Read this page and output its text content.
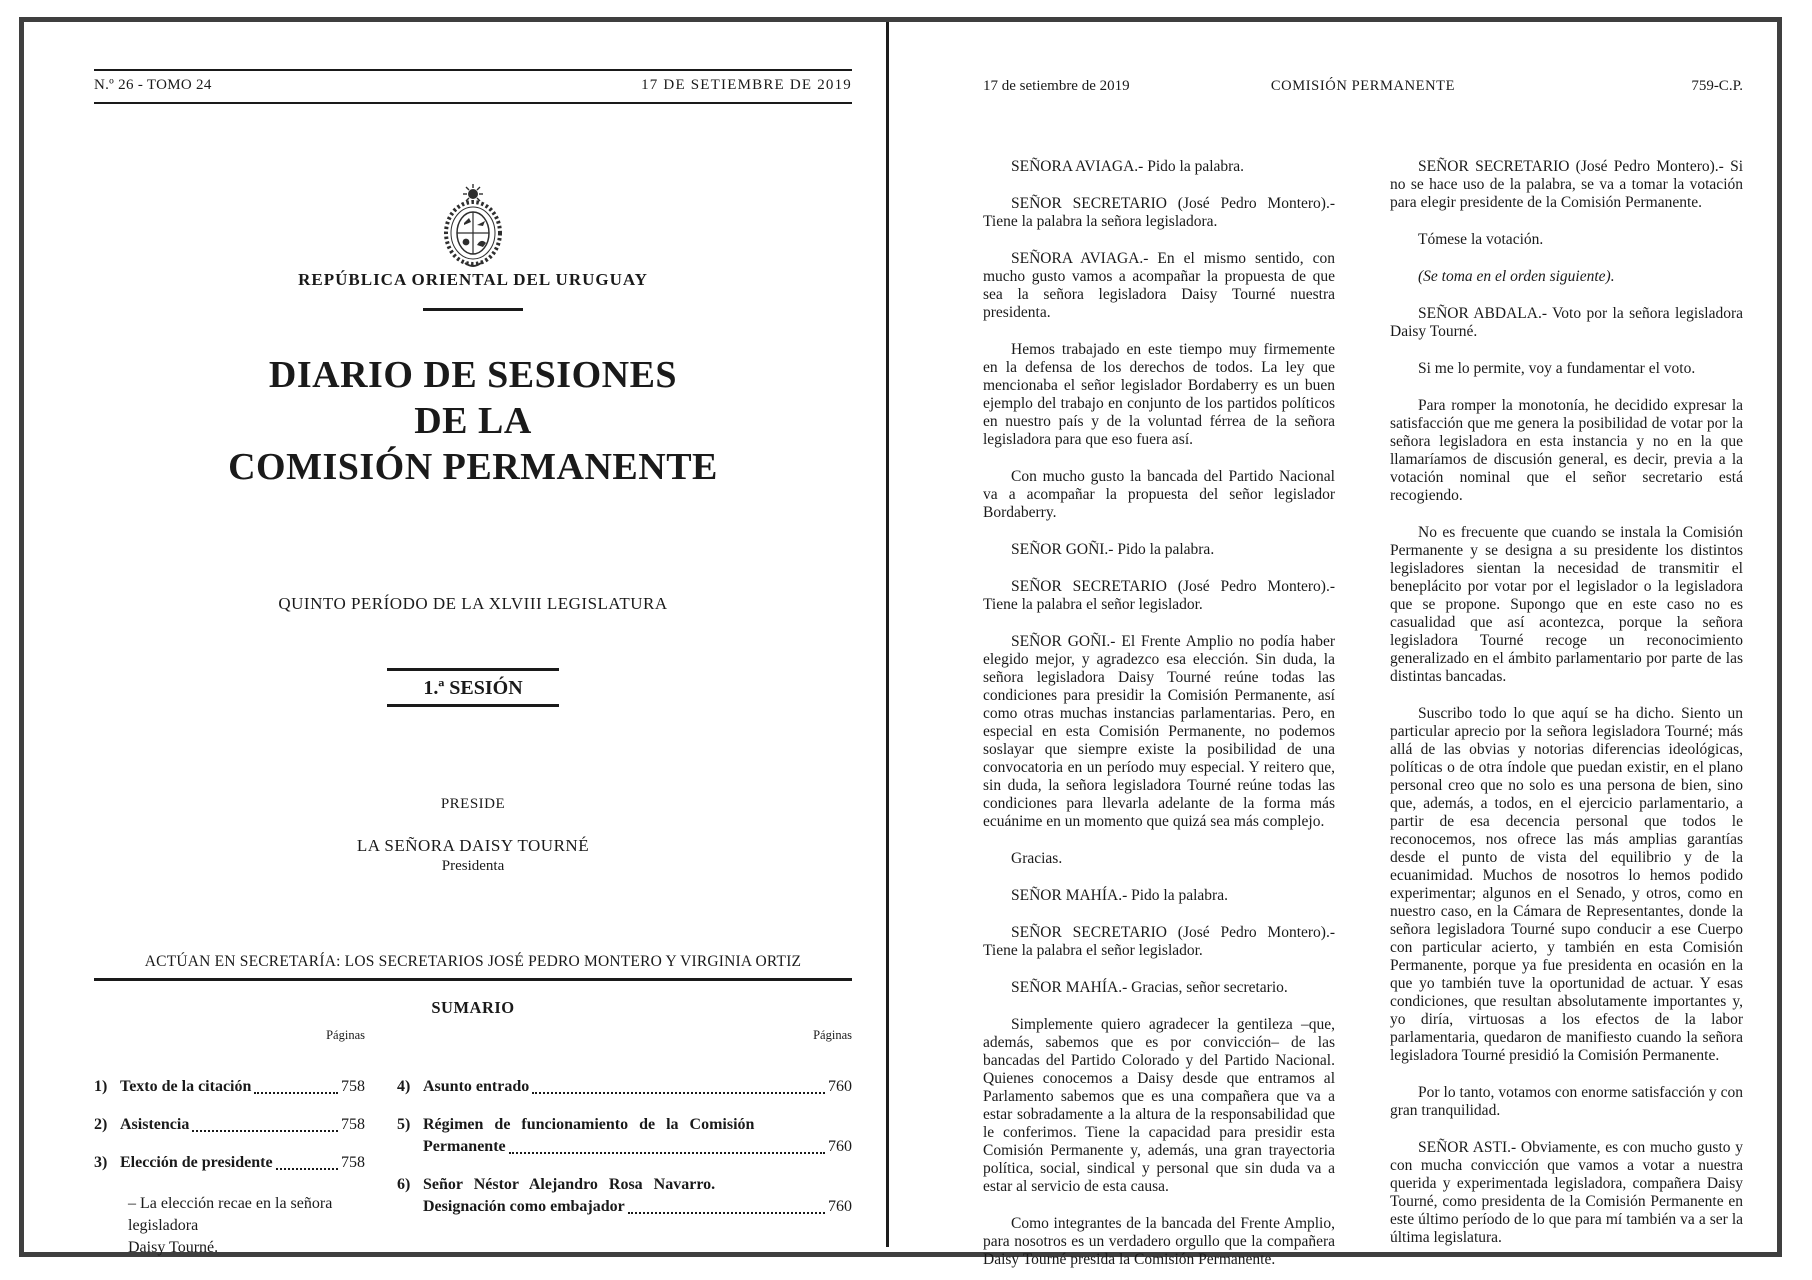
N.º 26 - TOMO 24	17 DE SETIEMBRE DE 2019
REPÚBLICA ORIENTAL DEL URUGUAY
DIARIO DE SESIONES
DE LA
COMISIÓN PERMANENTE
QUINTO PERÍODO DE LA XLVIII LEGISLATURA
1.ª SESIÓN
PRESIDE
LA SEÑORA DAISY TOURNÉ
Presidenta
ACTÚAN EN SECRETARÍA: LOS SECRETARIOS JOSÉ PEDRO MONTERO Y VIRGINIA ORTIZ
SUMARIO
Páginas	Páginas
1) Texto de la citación	758
2) Asistencia	758
3) Elección de presidente	758
– La elección recae en la señora legisladora
Daisy Tourné.
4) Asunto entrado	760
5) Régimen de funcionamiento de la Comisión
Permanente	760
6) Señor Néstor Alejandro Rosa Navarro.
Designación como embajador	760
17 de setiembre de 2019	COMISIÓN PERMANENTE	759-C.P.

SEÑORA AVIAGA.- Pido la palabra.

SEÑOR SECRETARIO (José Pedro Montero).- Tiene la palabra la señora legisladora.

SEÑORA AVIAGA.- En el mismo sentido, con mucho gusto vamos a acompañar la propuesta de que sea la señora legisladora Daisy Tourné nuestra presidenta.

Hemos trabajado en este tiempo muy firmemente en la defensa de los derechos de todos. La ley que mencionaba el señor legislador Bordaberry es un buen ejemplo del trabajo en conjunto de los partidos políticos en nuestro país y de la voluntad férrea de la señora legisladora para que eso fuera así.

Con mucho gusto la bancada del Partido Nacional va a acompañar la propuesta del señor legislador Bordaberry.

SEÑOR GOÑI.- Pido la palabra.

SEÑOR SECRETARIO (José Pedro Montero).- Tiene la palabra el señor legislador.

SEÑOR GOÑI.- El Frente Amplio no podía haber elegido mejor, y agradezco esa elección. Sin duda, la señora legisladora Daisy Tourné reúne todas las condiciones para presidir la Comisión Permanente, así como otras muchas instancias parlamentarias. Pero, en especial en esta Comisión Permanente, no podemos soslayar que siempre existe la posibilidad de una convocatoria en un período muy especial. Y reitero que, sin duda, la señora legisladora Tourné reúne todas las condiciones para llevarla adelante de la forma más ecuánime en un momento que quizá sea más complejo.

Gracias.

SEÑOR MAHÍA.- Pido la palabra.

SEÑOR SECRETARIO (José Pedro Montero).- Tiene la palabra el señor legislador.

SEÑOR MAHÍA.- Gracias, señor secretario.

Simplemente quiero agradecer la gentileza –que, además, sabemos que es por convicción– de las bancadas del Partido Colorado y del Partido Nacional. Quienes conocemos a Daisy desde que entramos al Parlamento sabemos que es una compañera que va a estar sobradamente a la altura de la responsabilidad que le conferimos. Tiene la capacidad para presidir esta Comisión Permanente y, además, una gran trayectoria política, social, sindical y personal que sin duda va a estar al servicio de esta causa.

Como integrantes de la bancada del Frente Amplio, para nosotros es un verdadero orgullo que la compañera Daisy Tourné presida la Comisión Permanente.

SEÑOR SECRETARIO (José Pedro Montero).- Si no se hace uso de la palabra, se va a tomar la votación para elegir presidente de la Comisión Permanente.

Tómese la votación.

(Se toma en el orden siguiente).

SEÑOR ABDALA.- Voto por la señora legisladora Daisy Tourné.

Si me lo permite, voy a fundamentar el voto.

Para romper la monotonía, he decidido expresar la satisfacción que me genera la posibilidad de votar por la señora legisladora en esta instancia y no en la que llamaríamos de discusión general, es decir, previa a la votación nominal que el señor secretario está recogiendo.

No es frecuente que cuando se instala la Comisión Permanente y se designa a su presidente los distintos legisladores sientan la necesidad de transmitir el beneplácito por votar por el legislador o la legisladora que se propone. Supongo que en este caso no es casualidad que así acontezca, porque la señora legisladora Tourné recoge un reconocimiento generalizado en el ámbito parlamentario por parte de las distintas bancadas.

Suscribo todo lo que aquí se ha dicho. Siento un particular aprecio por la señora legisladora Tourné; más allá de las obvias y notorias diferencias ideológicas, políticas o de otra índole que puedan existir, en el plano personal creo que no solo es una persona de bien, sino que, además, a todos, en el ejercicio parlamentario, a partir de esa decencia personal que todos le reconocemos, nos ofrece las más amplias garantías desde el punto de vista del equilibrio y de la ecuanimidad. Muchos de nosotros lo hemos podido experimentar; algunos en el Senado, y otros, como en nuestro caso, en la Cámara de Representantes, donde la señora legisladora Tourné supo conducir a ese Cuerpo con particular acierto, y también en esta Comisión Permanente, porque ya fue presidenta en ocasión en la que yo también tuve la oportunidad de actuar. Y esas condiciones, que resultan absolutamente importantes y, yo diría, virtuosas a los efectos de la labor parlamentaria, quedaron de manifiesto cuando la señora legisladora Tourné presidió la Comisión Permanente.

Por lo tanto, votamos con enorme satisfacción y con gran tranquilidad.

SEÑOR ASTI.- Obviamente, es con mucho gusto y con mucha convicción que vamos a votar a nuestra querida y experimentada legisladora, compañera Daisy Tourné, como presidenta de la Comisión Permanente en este último período de lo que para mí también va a ser la última legislatura.
